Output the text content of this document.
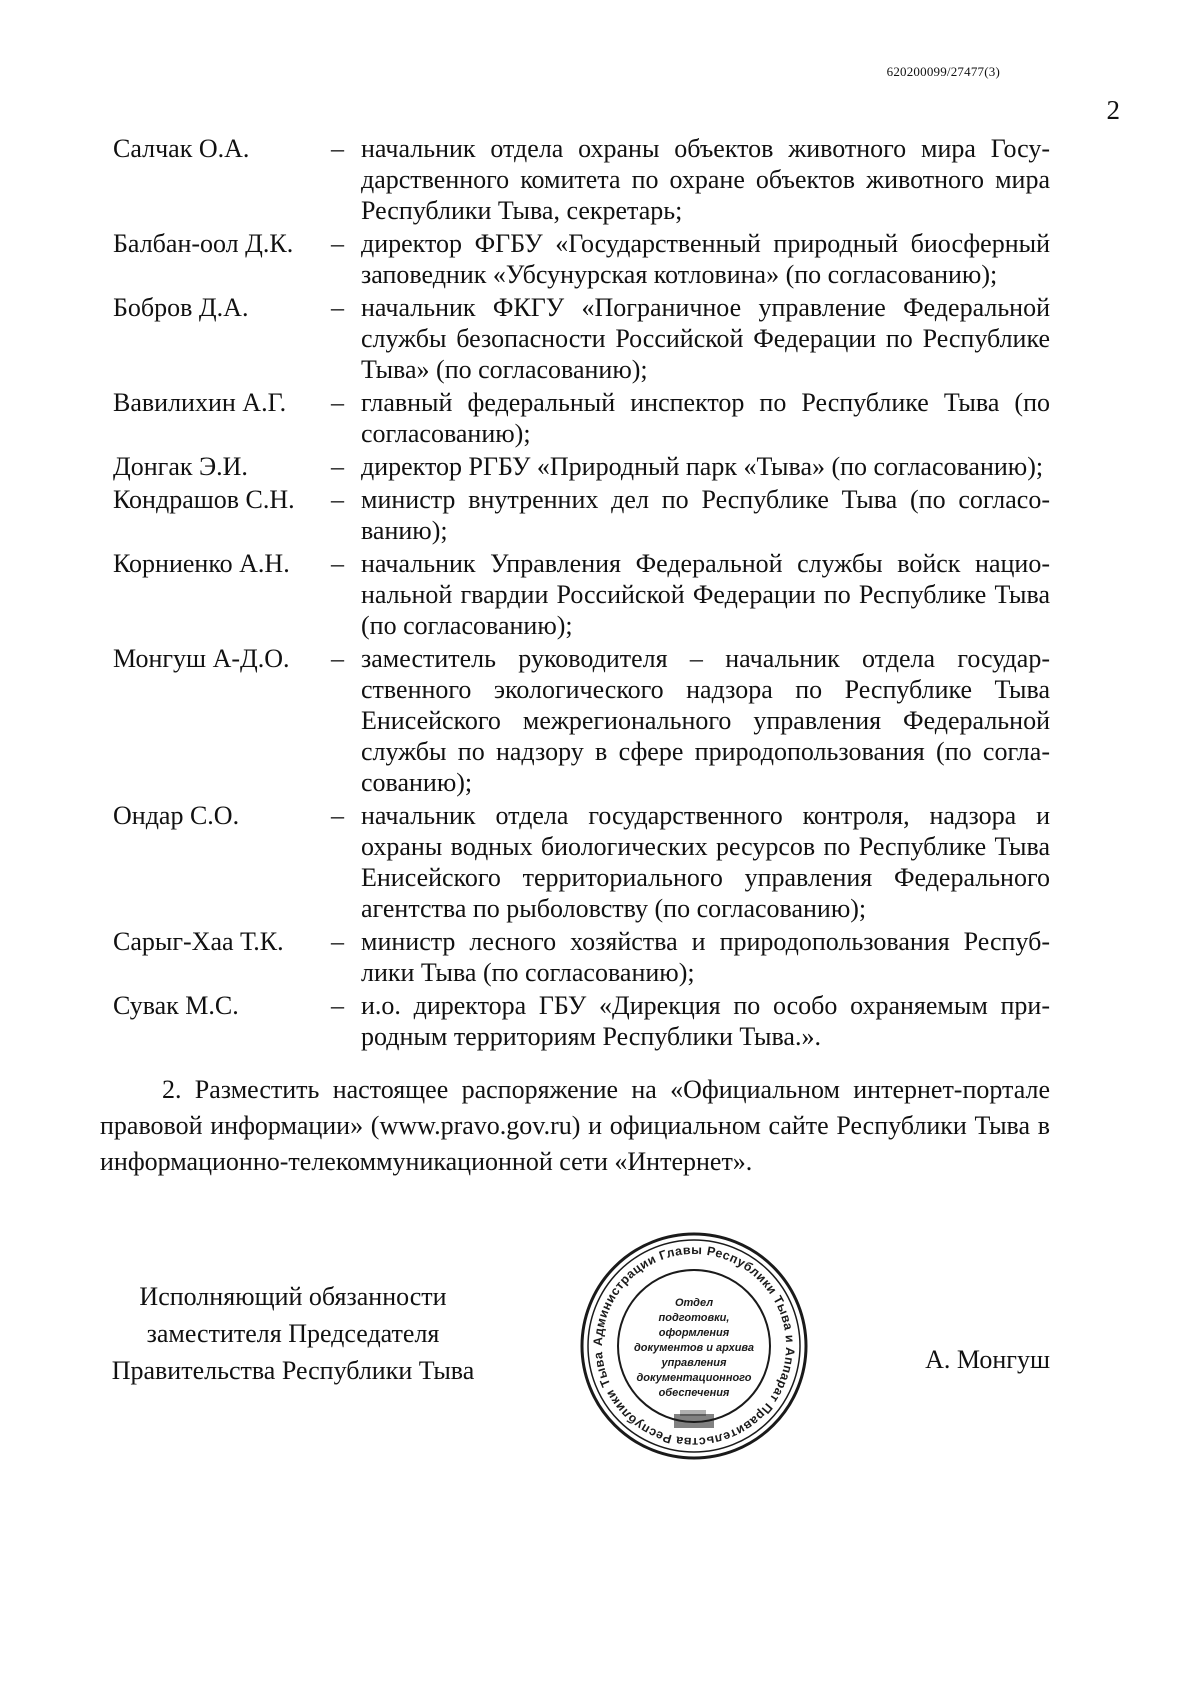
620200099/27477(3)
2
Салчак О.А.	– начальник отдела охраны объектов животного мира Государственного комитета по охране объектов животного мира Республики Тыва, секретарь;
Балбан-оол Д.К.	– директор ФГБУ «Государственный природный биосферный заповедник «Убсунурская котловина» (по согласованию);
Бобров Д.А.	– начальник ФКГУ «Пограничное управление Федеральной службы безопасности Российской Федерации по Республике Тыва» (по согласованию);
Вавилихин А.Г.	– главный федеральный инспектор по Республике Тыва (по согласованию);
Донгак Э.И.	– директор РГБУ «Природный парк «Тыва» (по согласованию);
Кондрашов С.Н.	– министр внутренних дел по Республике Тыва (по согласованию);
Корниенко А.Н.	– начальник Управления Федеральной службы войск национальной гвардии Российской Федерации по Республике Тыва (по согласованию);
Монгуш А-Д.О.	– заместитель руководителя – начальник отдела государственного экологического надзора по Республике Тыва Енисейского межрегионального управления Федеральной службы по надзору в сфере природопользования (по согласованию);
Ондар С.О.	– начальник отдела государственного контроля, надзора и охраны водных биологических ресурсов по Республике Тыва Енисейского территориального управления Федерального агентства по рыболовству (по согласованию);
Сарыг-Хаа Т.К.	– министр лесного хозяйства и природопользования Республики Тыва (по согласованию);
Сувак М.С.	– и.о. директора ГБУ «Дирекция по особо охраняемым природным территориям Республики Тыва.».
2. Разместить настоящее распоряжение на «Официальном интернет-портале правовой информации» (www.pravo.gov.ru) и официальном сайте Республики Тыва в информационно-телекоммуникационной сети «Интернет».
Исполняющий обязанности
заместителя Председателя
Правительства Республики Тыва
Администрации Главы Республики Тыва и Аппарат Правительства Республики Тыва
Отдел
подготовки,
оформления
документов и архива
управления
документационного
обеспечения
А. Монгуш
